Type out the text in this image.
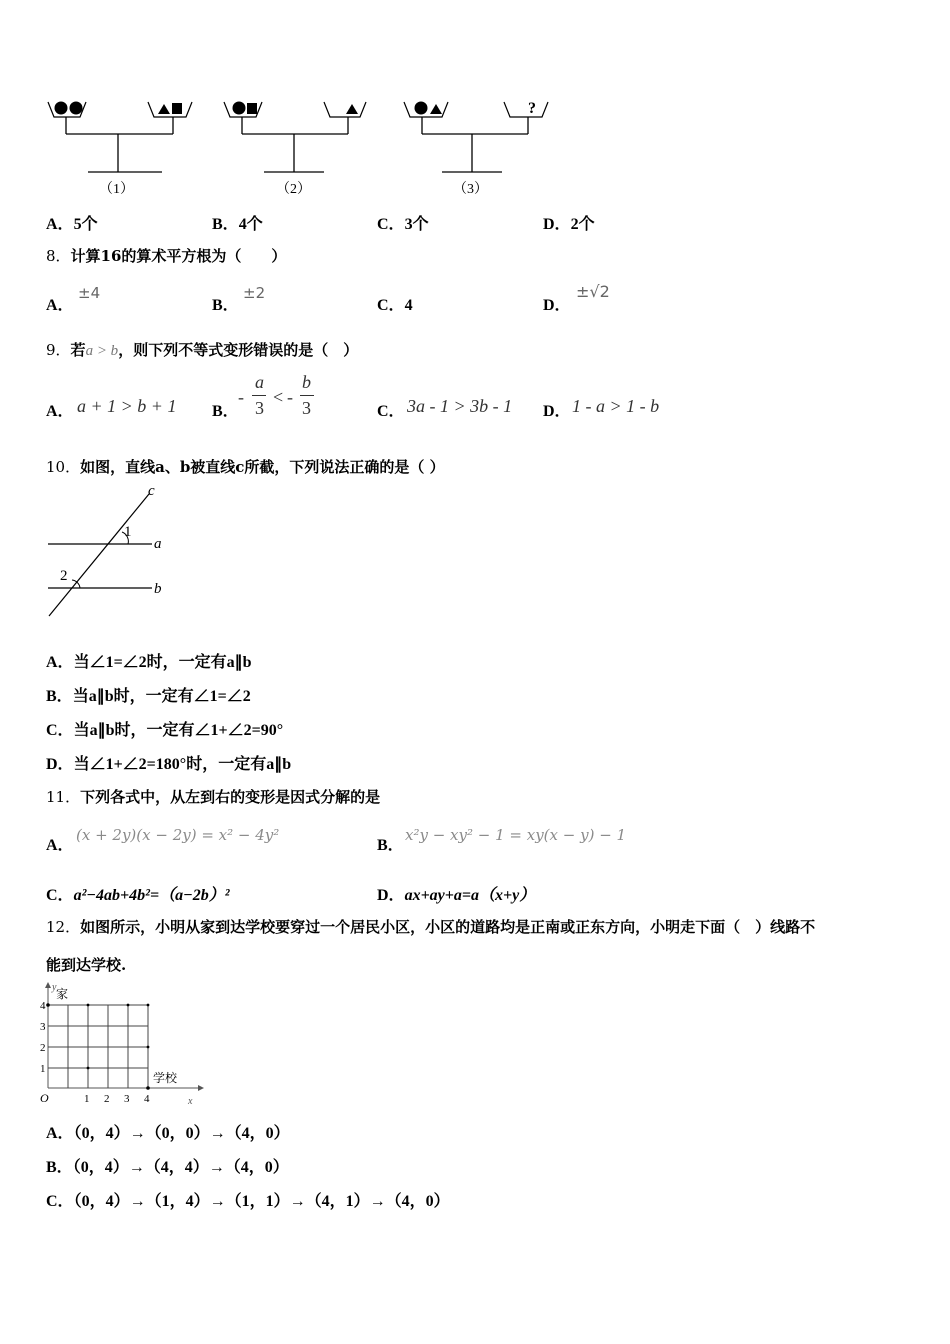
（1）	（2）
?
（3）
A．5个	B．4个	C．3个	D．2个
8．计算16的算术平方根为（　　）
A．
±4
B．
±2
C．4	D．
±√2
9．若a > b，则下列不等式变形错误的是（　）
A． a + 1 > b + 1 B．
-
a
3
< -
b
3	C． 3a - 1 > 3b - 1 D． 1 - a > 1 - b
10．如图，直线a、b被直线c所截，下列说法正确的是（ ）
c
a
b
1
2
A．当∠1=∠2时，一定有a∥b
B．当a∥b时，一定有∠1=∠2
C．当a∥b时，一定有∠1+∠2=90°
D．当∠1+∠2=180°时，一定有a∥b
11．下列各式中，从左到右的变形是因式分解的是
A．
(x + 2y)(x − 2y) = x² − 4y²
B．
x²y − xy² − 1 = xy(x − y) − 1
C．a²−4ab+4b²=（a−2b）²	D．ax+ay+a=a（x+y）
12．如图所示，小明从家到达学校要穿过一个居民小区，小区的道路均是正南或正东方向，小明走下面（　）线路不
能到达学校.
y 家
学校
O	x
4
3
2
1
1 2 3 4
A．（0，4）→（0，0）→（4，0）
B．（0，4）→（4，4）→（4，0）
C．（0，4）→（1，4）→（1，1）→（4，1）→（4，0）
